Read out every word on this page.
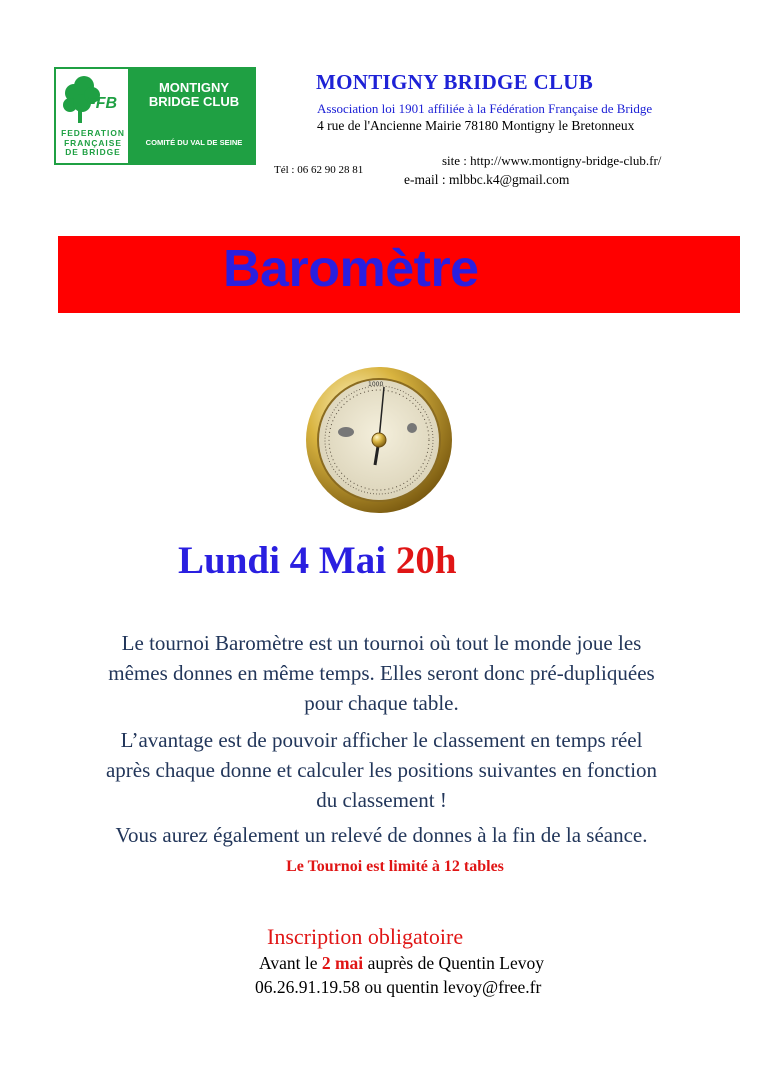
FFB
FEDERATION
FRANÇAISE
DE BRIDGE
MONTIGNY
BRIDGE CLUB
COMITÉ DU VAL DE SEINE
MONTIGNY BRIDGE CLUB
Association loi 1901 affiliée à la Fédération Française de Bridge
4 rue de l'Ancienne Mairie 78180 Montigny le Bretonneux
site : http://www.montigny-bridge-club.fr/
Tél : 06 62 90 28 81
e-mail : mlbbc.k4@gmail.com
Baromètre
1000
Lundi 4 Mai 20h
Le tournoi Baromètre est un tournoi où tout le monde joue les
mêmes donnes en même temps. Elles seront donc pré-dupliquées
pour chaque table.
L’avantage est de pouvoir afficher le classement en temps réel
après chaque donne et calculer les positions suivantes en fonction
du classement !
Vous aurez également un relevé de donnes à la fin de la séance.
Le Tournoi est limité à 12 tables
Inscription obligatoire
Avant le 2 mai auprès de Quentin Levoy
06.26.91.19.58 ou quentin levoy@free.fr
